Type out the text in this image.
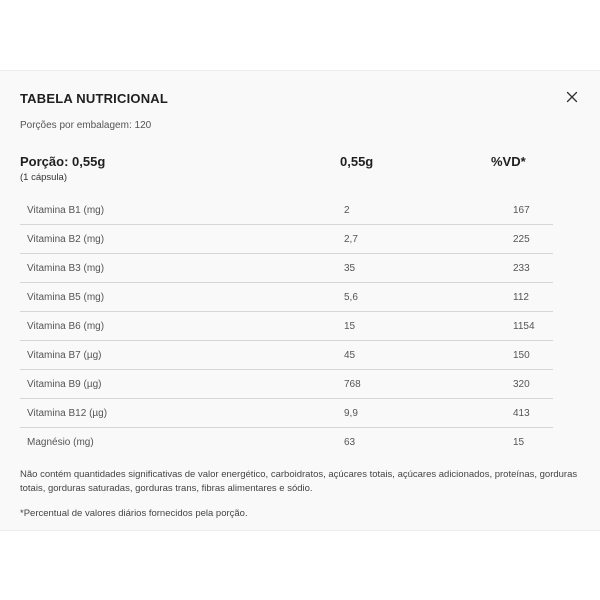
TABELA NUTRICIONAL
Porções por embalagem: 120
Porção: 0,55g
(1 cápsula)
0,55g	%VD*
Vitamina B1 (mg)	2	167
Vitamina B2 (mg)	2,7	225
Vitamina B3 (mg)	35	233
Vitamina B5 (mg)	5,6	112
Vitamina B6 (mg)	15	1154
Vitamina B7 (µg)	45	150
Vitamina B9 (µg)	768	320
Vitamina B12 (µg)	9,9	413
Magnésio (mg)	63	15
Não contém quantidades significativas de valor energético, carboidratos, açúcares totais, açúcares adicionados, proteínas, gorduras totais, gorduras saturadas, gorduras trans, fibras alimentares e sódio.
*Percentual de valores diários fornecidos pela porção.
